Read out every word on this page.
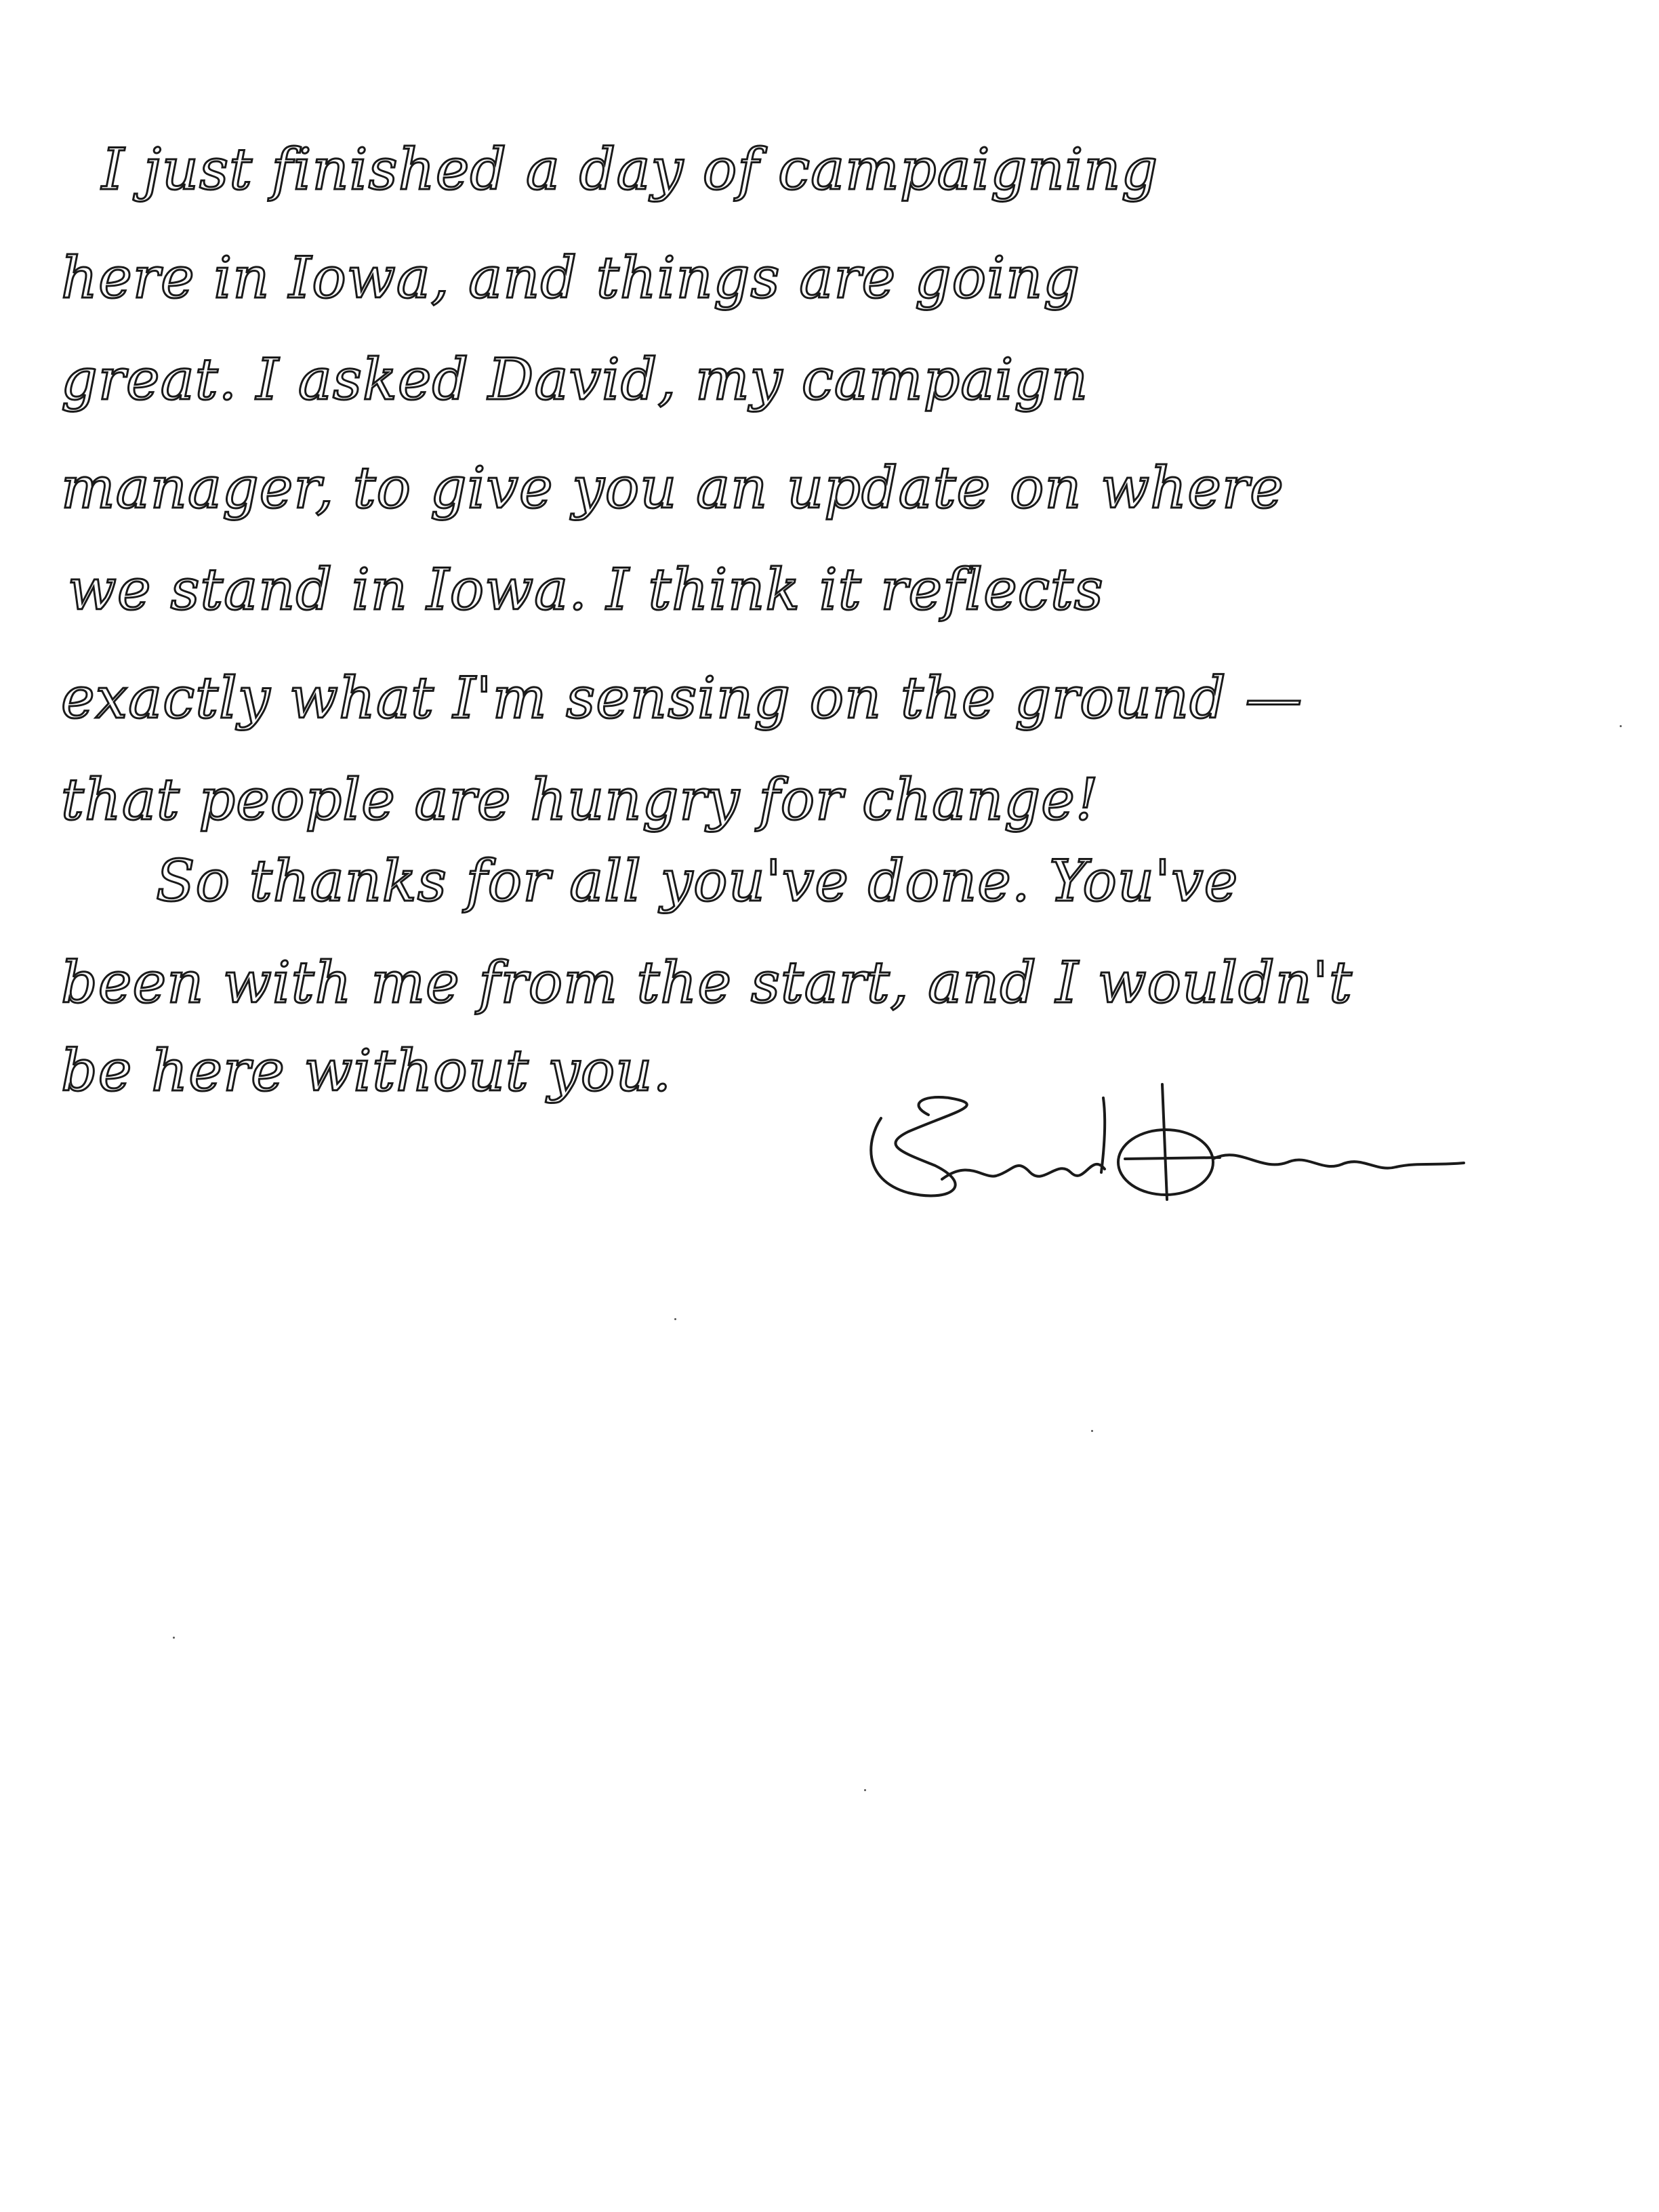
I just finished a day of campaigning

here in Iowa, and things are going

great. I asked David, my campaign

manager, to give you an update on where

we stand in Iowa. I think it reflects

exactly what I'm sensing on the ground —

that people are hungry for change!

So thanks for all you've done. You've

been with me from the start, and I wouldn't

be here without you.
